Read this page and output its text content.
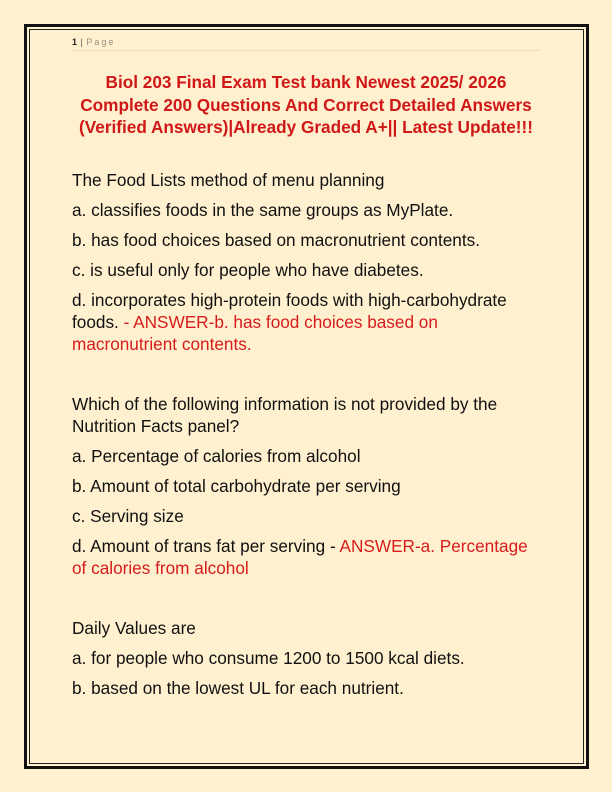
1 | Page
Biol 203 Final Exam Test bank Newest 2025/ 2026 Complete 200 Questions And Correct Detailed Answers (Verified Answers)|Already Graded A+|| Latest Update!!!

The Food Lists method of menu planning

a. classifies foods in the same groups as MyPlate.

b. has food choices based on macronutrient contents.

c. is useful only for people who have diabetes.

d. incorporates high-protein foods with high-carbohydrate foods. - ANSWER-b. has food choices based on macronutrient contents.

Which of the following information is not provided by the Nutrition Facts panel?

a. Percentage of calories from alcohol

b. Amount of total carbohydrate per serving

c. Serving size

d. Amount of trans fat per serving - ANSWER-a. Percentage of calories from alcohol

Daily Values are

a. for people who consume 1200 to 1500 kcal diets.

b. based on the lowest UL for each nutrient.
